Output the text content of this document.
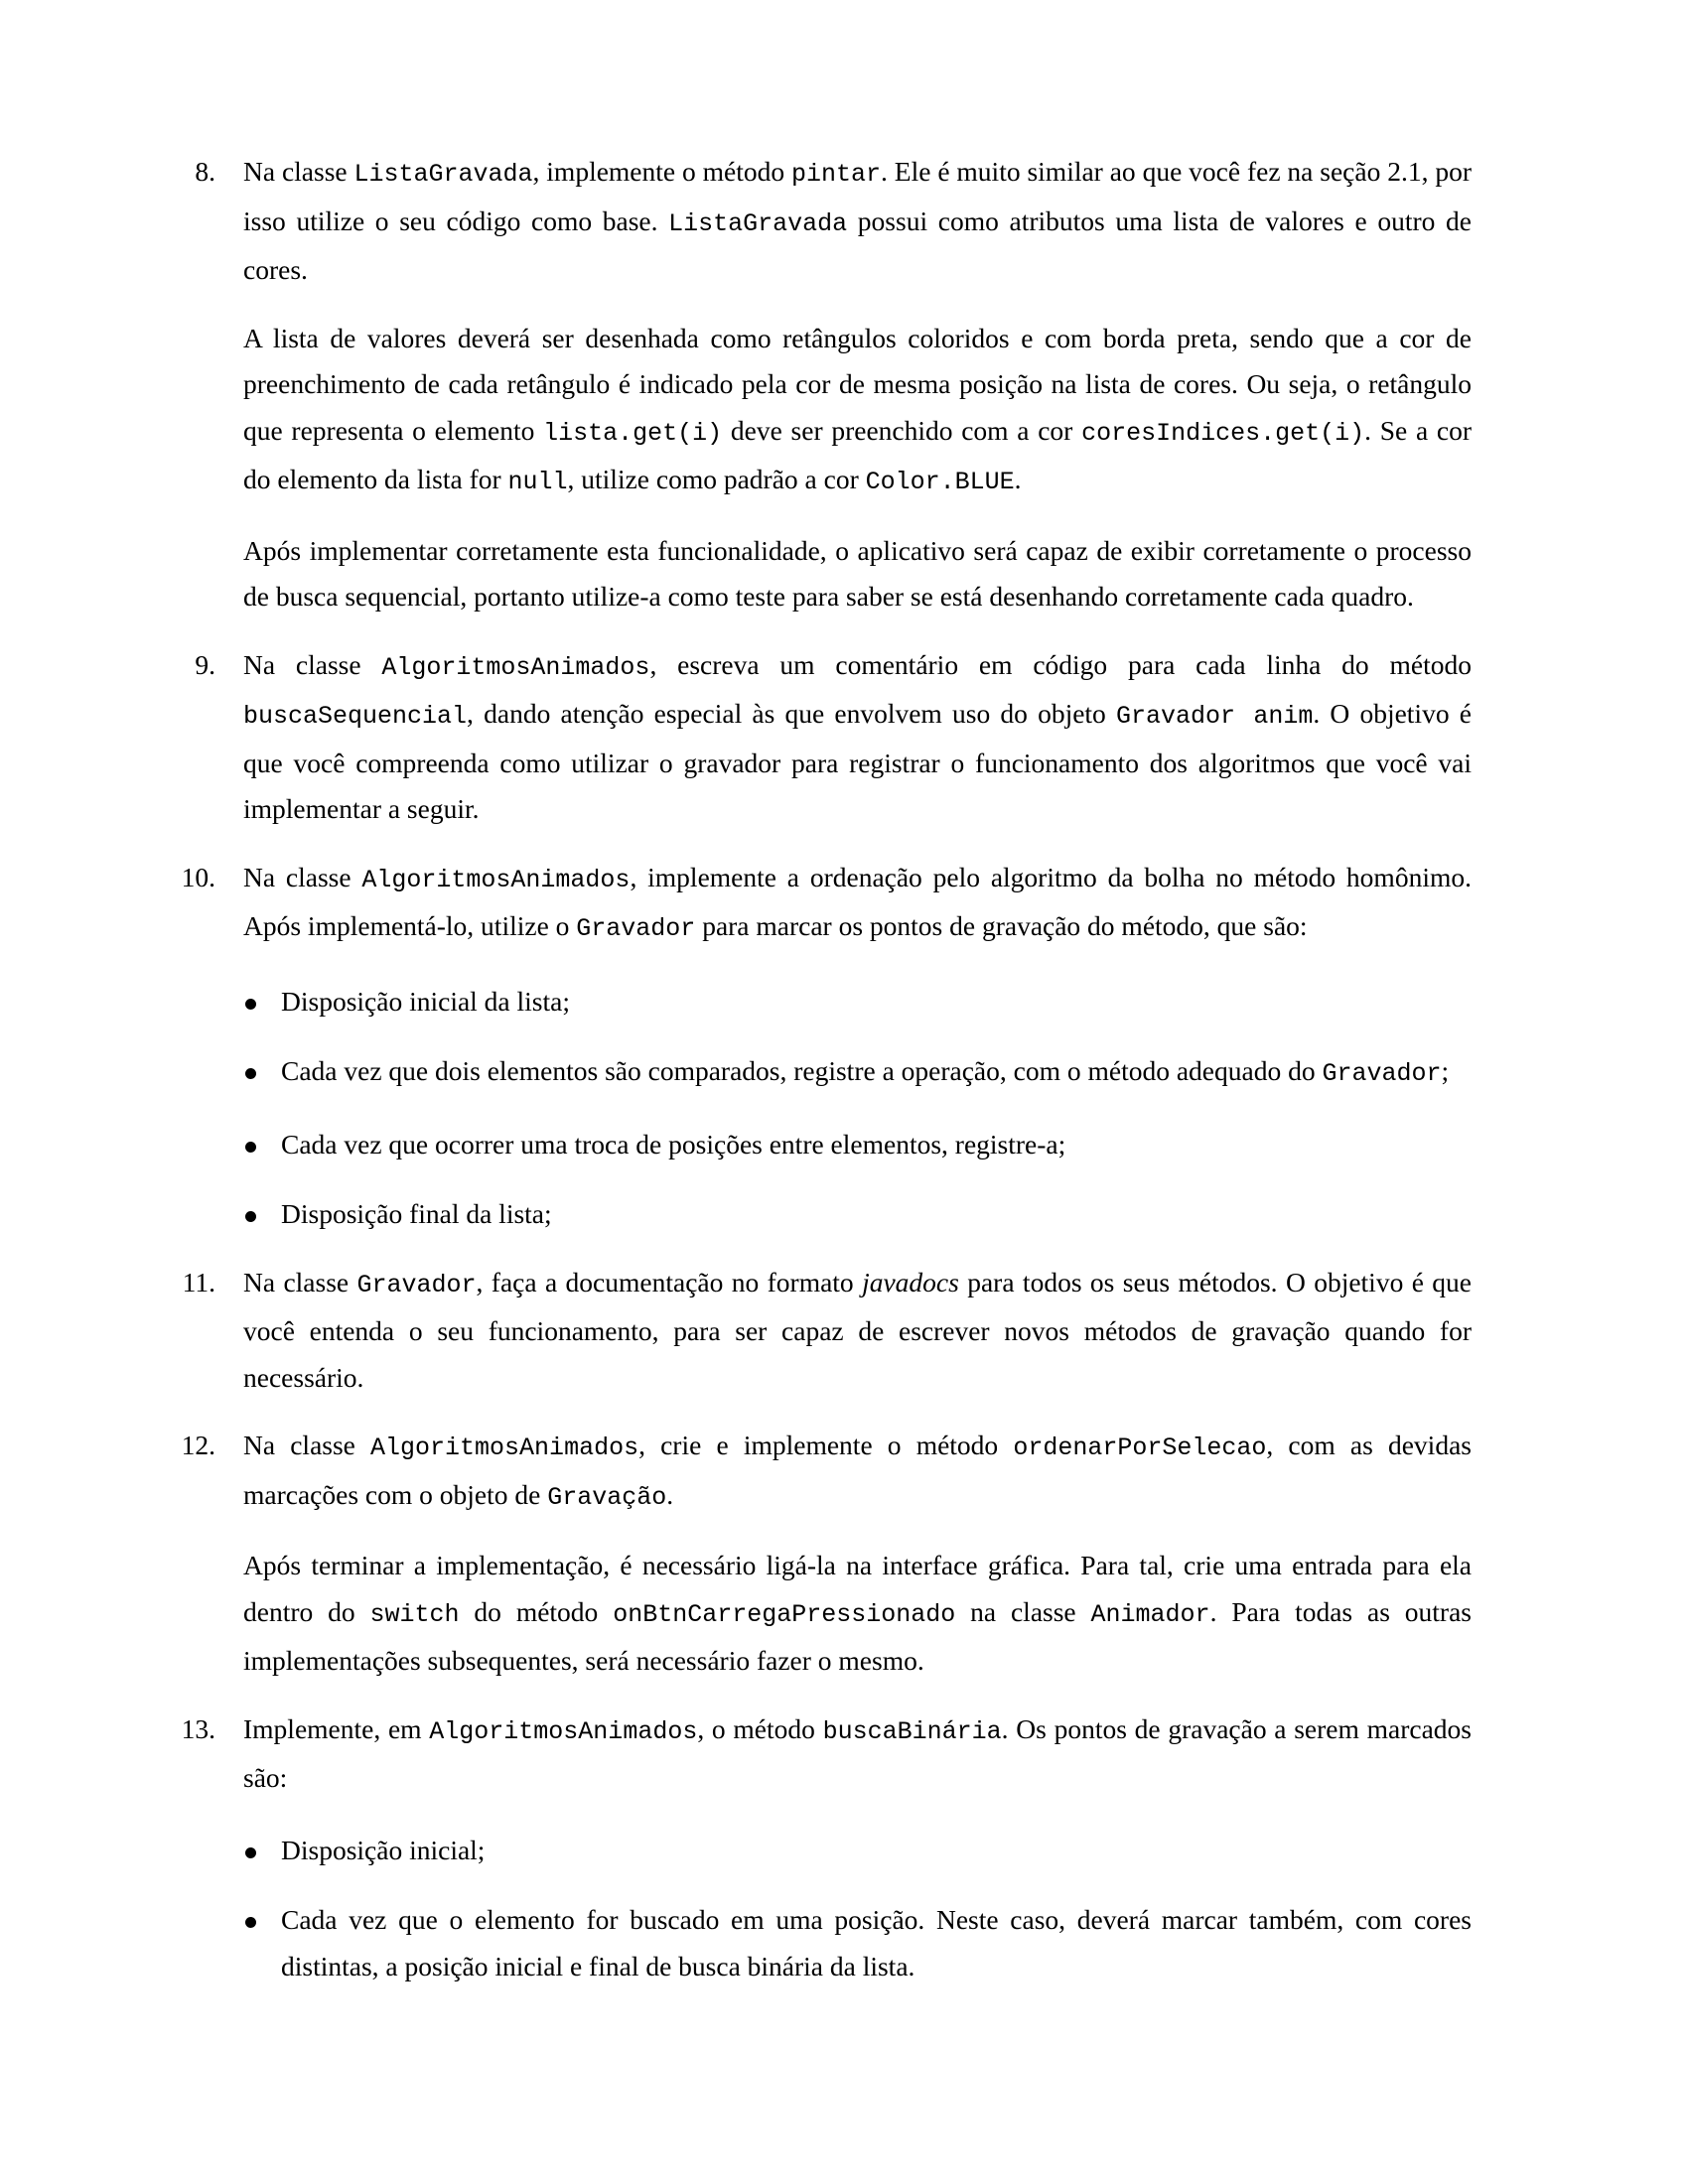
8. Na classe ListaGravada, implemente o método pintar. Ele é muito similar ao que você fez na seção 2.1, por isso utilize o seu código como base. ListaGravada possui como atributos uma lista de valores e outro de cores.

A lista de valores deverá ser desenhada como retângulos coloridos e com borda preta, sendo que a cor de preenchimento de cada retângulo é indicado pela cor de mesma posição na lista de cores. Ou seja, o retângulo que representa o elemento lista.get(i) deve ser preenchido com a cor coresIndices.get(i). Se a cor do elemento da lista for null, utilize como padrão a cor Color.BLUE.

Após implementar corretamente esta funcionalidade, o aplicativo será capaz de exibir corretamente o processo de busca sequencial, portanto utilize-a como teste para saber se está desenhando corretamente cada quadro.

9. Na classe AlgoritmosAnimados, escreva um comentário em código para cada linha do método buscaSequencial, dando atenção especial às que envolvem uso do objeto Gravador anim. O objetivo é que você compreenda como utilizar o gravador para registrar o funcionamento dos algoritmos que você vai implementar a seguir.

10. Na classe AlgoritmosAnimados, implemente a ordenação pelo algoritmo da bolha no método homônimo. Após implementá-lo, utilize o Gravador para marcar os pontos de gravação do método, que são:

Disposição inicial da lista;
Cada vez que dois elementos são comparados, registre a operação, com o método adequado do Gravador;
Cada vez que ocorrer uma troca de posições entre elementos, registre-a;
Disposição final da lista;
11. Na classe Gravador, faça a documentação no formato javadocs para todos os seus métodos. O objetivo é que você entenda o seu funcionamento, para ser capaz de escrever novos métodos de gravação quando for necessário.

12. Na classe AlgoritmosAnimados, crie e implemente o método ordenarPorSelecao, com as devidas marcações com o objeto de Gravação.

Após terminar a implementação, é necessário ligá-la na interface gráfica. Para tal, crie uma entrada para ela dentro do switch do método onBtnCarregaPressionado na classe Animador. Para todas as outras implementações subsequentes, será necessário fazer o mesmo.

13. Implemente, em AlgoritmosAnimados, o método buscaBinária. Os pontos de gravação a serem marcados são:

Disposição inicial;
Cada vez que o elemento for buscado em uma posição. Neste caso, deverá marcar também, com cores distintas, a posição inicial e final de busca binária da lista.
